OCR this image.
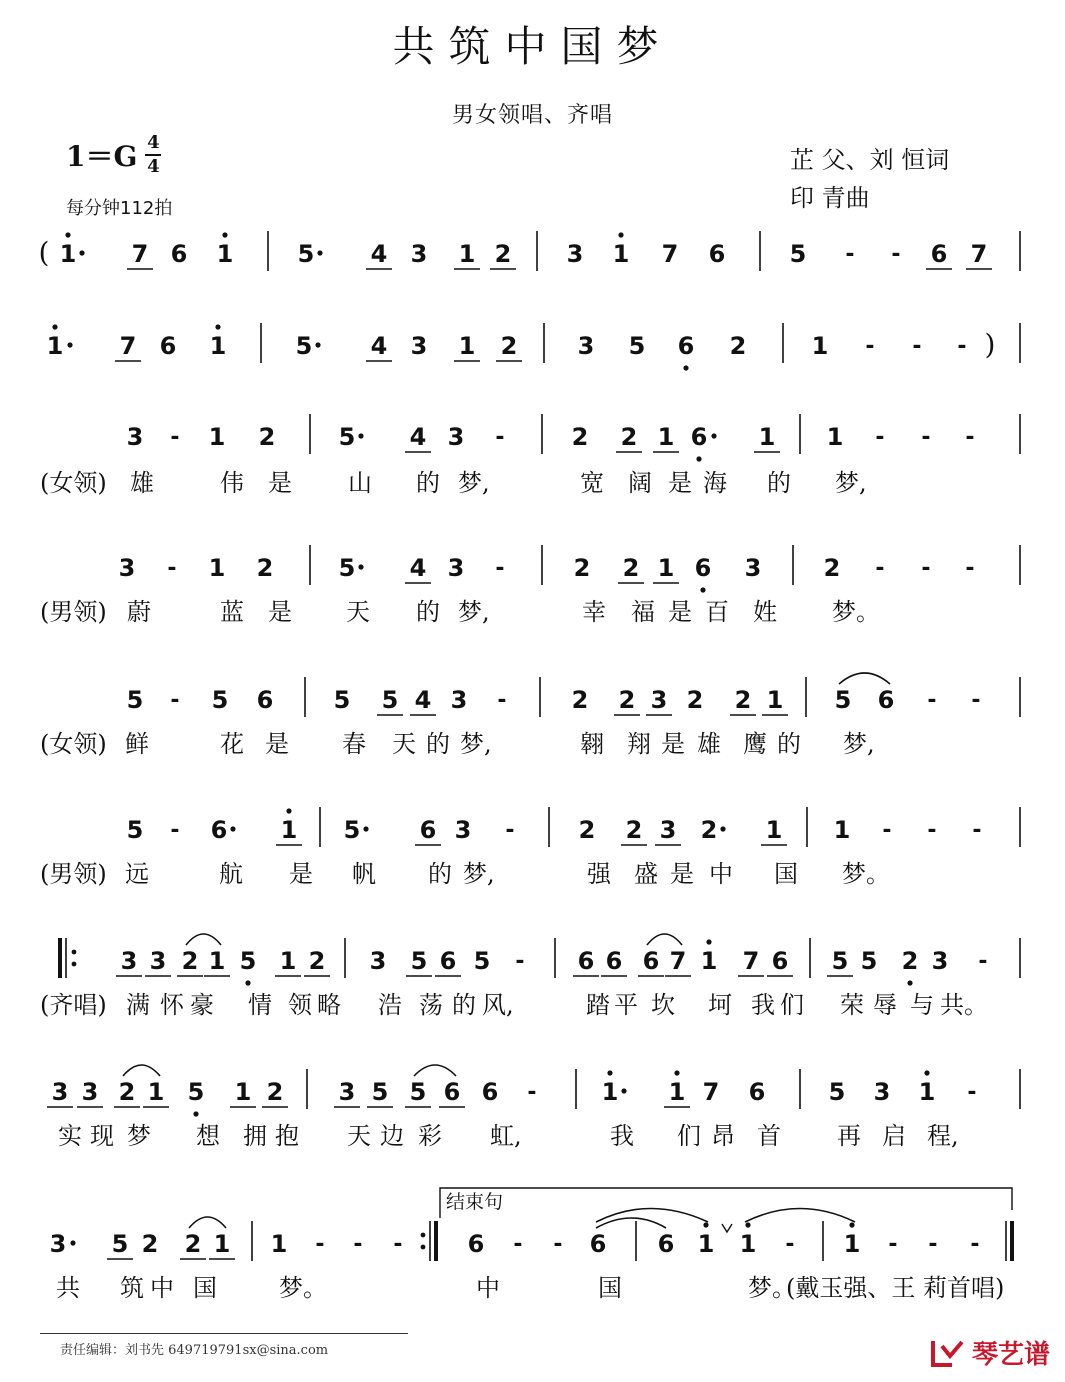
共筑中国梦
男女领唱、齐唱
$1=G \frac{4}{4}$
每分钟112拍
芷 父、刘 恒词
印 青曲
( 1 7 6 1	5 4 3 1 2 3 1 7 6	5 - - 6 7
1 7 6 1	5 4 3 1 2	3 5 6 2	1 - - - )
3 - 1 2	5 4 3 -	2 2 1 6 1 1 - - -
3 - 1 2	5 4 3 -	2 2 1 6 3	2 - - -
5 - 5 6	5 5 4 3 -	2 2 3 2 2 1 5 6 - -
5 - 6 1 5 6 3 -	2 2 3 2 1 1 - - -
3 3 2 1 5 1 2 3 5 6 5 - 6 6 6 7 1 7 6 5 5 2 3 -
3 3 2 1 5 1 2 3 5 5 6 6 -	1 1 7 6	5 3 1 -
3 5 2 2 1 1 - - -	6 - - 6 6 1 1 - 1 - - -
(女领) 雄	伟 是 山 的 梦,	宽 阔 是 海 的 梦,
(男领) 蔚	蓝 是 天 的 梦,	幸 福 是 百 姓 梦。
(女领) 鲜	花 是 春 天 的 梦,	翱 翔 是 雄 鹰 的 梦,
(男领) 远	航 是 帆 的 梦,	强 盛 是 中 国 梦。
(齐唱) 满 怀 豪 情 领 略 浩 荡 的 风,	踏 平 坎 坷 我 们 荣 辱 与 共。
实 现 梦 想 拥 抱 天 边 彩 虹,	我 们 昂 首 再 启 程,
共 筑 中 国	梦。	中	国	梦。
(戴玉强、王 莉首唱)
结束句
责任编辑：刘书先 649719791sx@sina.com	琴艺谱
